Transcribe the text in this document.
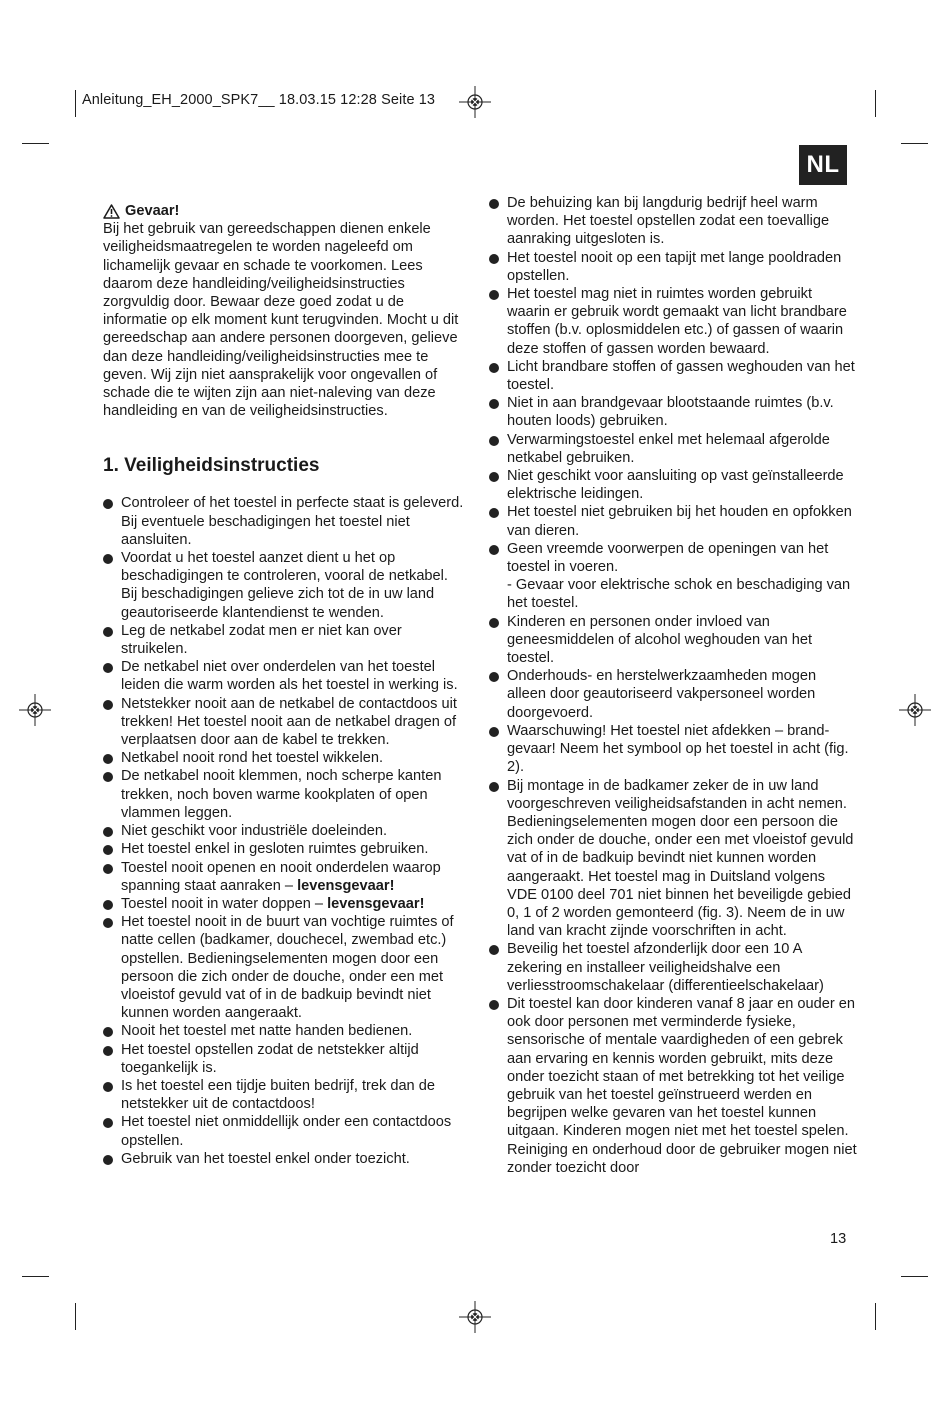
Anleitung_EH_2000_SPK7__ 18.03.15 12:28 Seite 13
NL
Gevaar!

Bij het gebruik van gereedschappen dienen enkele veiligheidsmaatregelen te worden nageleefd om lichamelijk gevaar en schade te voorkomen. Lees daarom deze handleiding/veiligheidsinstructies zorgvuldig door. Bewaar deze goed zodat u de informatie op elk moment kunt terugvinden. Mocht u dit gereedschap aan andere personen doorgeven, gelieve dan deze handleiding/veiligheidsinstructies mee te geven. Wij zijn niet aansprakelijk voor ongevallen of schade die te wijten zijn aan niet-naleving van deze handleiding en van de veiligheidsinstructies.

1. Veiligheidsinstructies
Controleer of het toestel in perfecte staat is geleverd. Bij eventuele beschadigingen het toestel niet aansluiten.
Voordat u het toestel aanzet dient u het op beschadigingen te controleren, vooral de netkabel. Bij beschadigingen gelieve zich tot de in uw land geautoriseerde klantendienst te wenden.
Leg de netkabel zodat men er niet kan over struikelen.
De netkabel niet over onderdelen van het toestel leiden die warm worden als het toestel in werking is.
Netstekker nooit aan de netkabel de contactdoos uit trekken! Het toestel nooit aan de netkabel dragen of verplaatsen door aan de kabel te trekken.
Netkabel nooit rond het toestel wikkelen.
De netkabel nooit klemmen, noch scherpe kanten trekken, noch boven warme kookplaten of open vlammen leggen.
Niet geschikt voor industriële doeleinden.
Het toestel enkel in gesloten ruimtes gebruiken.
Toestel nooit openen en nooit onderdelen waarop spanning staat aanraken – levensgevaar!
Toestel nooit in water doppen – levensgevaar!
Het toestel nooit in de buurt van vochtige ruimtes of natte cellen (badkamer, douchecel, zwembad etc.) opstellen. Bedieningselementen mogen door een persoon die zich onder de douche, onder een met vloeistof gevuld vat of in de badkuip bevindt niet kunnen worden aangeraakt.
Nooit het toestel met natte handen bedienen.
Het toestel opstellen zodat de netstekker altijd toegankelijk is.
Is het toestel een tijdje buiten bedrijf, trek dan de netstekker uit de contactdoos!
Het toestel niet onmiddellijk onder een contactdoos opstellen.
Gebruik van het toestel enkel onder toezicht.
De behuizing kan bij langdurig bedrijf heel warm worden. Het toestel opstellen zodat een toevallige aanraking uitgesloten is.
Het toestel nooit op een tapijt met lange pooldraden opstellen.
Het toestel mag niet in ruimtes worden gebruikt waarin er gebruik wordt gemaakt van licht brandbare stoffen (b.v. oplosmiddelen etc.) of gassen of waarin deze stoffen of gassen worden bewaard.
Licht brandbare stoffen of gassen weghouden van het toestel.
Niet in aan brandgevaar blootstaande ruimtes (b.v. houten loods) gebruiken.
Verwarmingstoestel enkel met helemaal afgerolde netkabel gebruiken.
Niet geschikt voor aansluiting op vast geïnstalleerde elektrische leidingen.
Het toestel niet gebruiken bij het houden en opfokken van dieren.
Geen vreemde voorwerpen de openingen van het toestel in voeren.
- Gevaar voor elektrische schok en beschadiging van het toestel.
Kinderen en personen onder invloed van geneesmiddelen of alcohol weghouden van het toestel.
Onderhouds- en herstelwerkzaamheden mogen alleen door geautoriseerd vakpersoneel worden doorgevoerd.
Waarschuwing! Het toestel niet afdekken – brand-gevaar! Neem het symbool op het toestel in acht (fig. 2).
Bij montage in de badkamer zeker de in uw land voorgeschreven veiligheidsafstanden in acht nemen. Bedieningselementen mogen door een persoon die zich onder de douche, onder een met vloeistof gevuld vat of in de badkuip bevindt niet kunnen worden aangeraakt. Het toestel mag in Duitsland volgens VDE 0100 deel 701 niet binnen het beveiligde gebied 0, 1 of 2 worden gemonteerd (fig. 3). Neem de in uw land van kracht zijnde voorschriften in acht.
Beveilig het toestel afzonderlijk door een 10 A zekering en installeer veiligheidshalve een verliesstroomschakelaar (differentieelschakelaar)
Dit toestel kan door kinderen vanaf 8 jaar en ouder en ook door personen met verminderde fysieke, sensorische of mentale vaardigheden of een gebrek aan ervaring en kennis worden gebruikt, mits deze onder toezicht staan of met betrekking tot het veilige gebruik van het toestel geïnstrueerd werden en begrijpen welke gevaren van het toestel kunnen uitgaan. Kinderen mogen niet met het toestel spelen. Reiniging en onderhoud door de gebruiker mogen niet zonder toezicht door
13
